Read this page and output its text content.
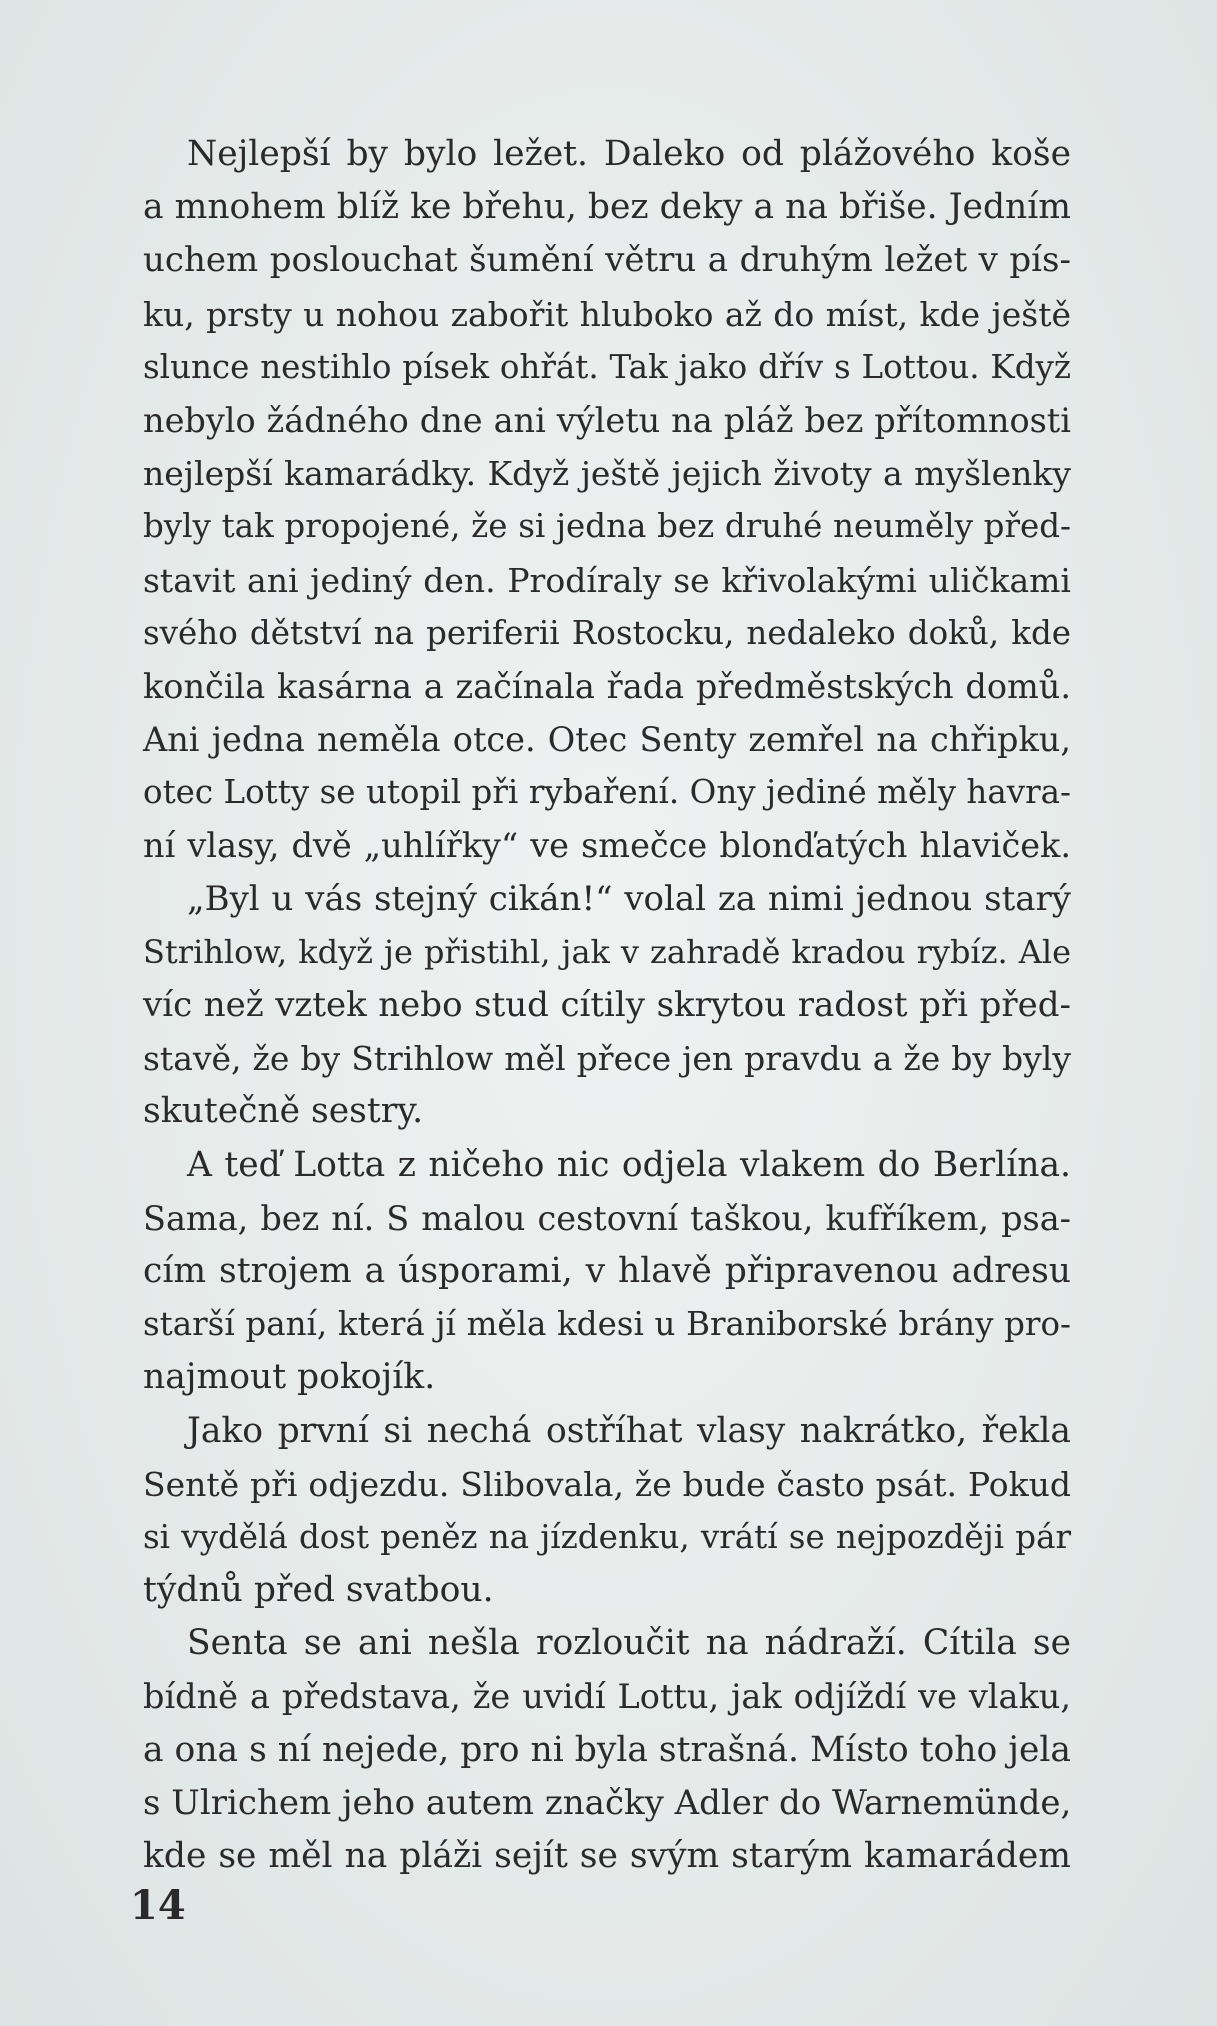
Nejlepší by bylo ležet. Daleko od plážového koše
a mnohem blíž ke břehu, bez deky a na břiše. Jedním
uchem poslouchat šumění větru a druhým ležet v pís-
ku, prsty u nohou zabořit hluboko až do míst, kde ještě
slunce nestihlo písek ohřát. Tak jako dřív s Lottou. Když
nebylo žádného dne ani výletu na pláž bez přítomnosti
nejlepší kamarádky. Když ještě jejich životy a myšlenky
byly tak propojené, že si jedna bez druhé neuměly před-
stavit ani jediný den. Prodíraly se křivolakými uličkami
svého dětství na periferii Rostocku, nedaleko doků, kde
končila kasárna a začínala řada předměstských domů.
Ani jedna neměla otce. Otec Senty zemřel na chřipku,
otec Lotty se utopil při rybaření. Ony jediné měly havra-
ní vlasy, dvě „uhlířky“ ve smečce blonďatých hlaviček.
„Byl u vás stejný cikán!“ volal za nimi jednou starý
Strihlow, když je přistihl, jak v zahradě kradou rybíz. Ale
víc než vztek nebo stud cítily skrytou radost při před-
stavě, že by Strihlow měl přece jen pravdu a že by byly
skutečně sestry.
A teď Lotta z ničeho nic odjela vlakem do Berlína.
Sama, bez ní. S malou cestovní taškou, kufříkem, psa-
cím strojem a úsporami, v hlavě připravenou adresu
starší paní, která jí měla kdesi u Braniborské brány pro-
najmout pokojík.
Jako první si nechá ostříhat vlasy nakrátko, řekla
Sentě při odjezdu. Slibovala, že bude často psát. Pokud
si vydělá dost peněz na jízdenku, vrátí se nejpozději pár
týdnů před svatbou.
Senta se ani nešla rozloučit na nádraží. Cítila se
bídně a představa, že uvidí Lottu, jak odjíždí ve vlaku,
a ona s ní nejede, pro ni byla strašná. Místo toho jela
s Ulrichem jeho autem značky Adler do Warnemünde,
kde se měl na pláži sejít se svým starým kamarádem
14
